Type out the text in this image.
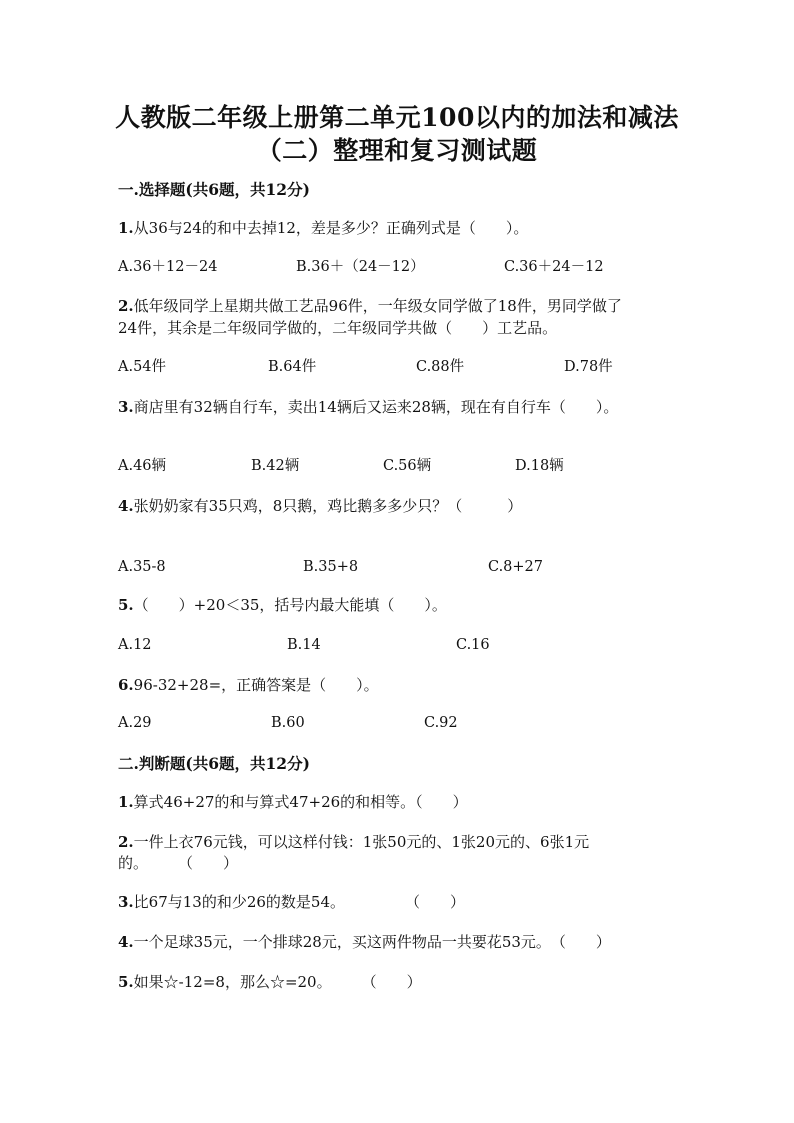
人教版二年级上册第二单元100以内的加法和减法
（二）整理和复习测试题
一.选择题(共6题，共12分)
1.从36与24的和中去掉12，差是多少？正确列式是（　　）。
A.36＋12－24	B.36＋（24－12）	C.36＋24－12
2.低年级同学上星期共做工艺品96件，一年级女同学做了18件，男同学做了
24件，其余是二年级同学做的，二年级同学共做（　　）工艺品。
A.54件	B.64件	C.88件	D.78件
3.商店里有32辆自行车，卖出14辆后又运来28辆，现在有自行车（　　）。
A.46辆	B.42辆	C.56辆	D.18辆
4.张奶奶家有35只鸡，8只鹅，鸡比鹅多多少只？（　　　）
A.35-8	B.35+8	C.8+27
5.（　　）+20＜35，括号内最大能填（　　）。
A.12	B.14	C.16
6.96-32+28=，正确答案是（　　）。
A.29	B.60	C.92
二.判断题(共6题，共12分)
1.算式46+27的和与算式47+26的和相等。（　　）
2.一件上衣76元钱，可以这样付钱：1张50元的、1张20元的、6张1元
的。　　　（　　）
3.比67与13的和少26的数是54。　　　　　（　　）
4.一个足球35元，一个排球28元，买这两件物品一共要花53元。　（　　）
5.如果☆-12=8，那么☆=20。　　　（　　）
